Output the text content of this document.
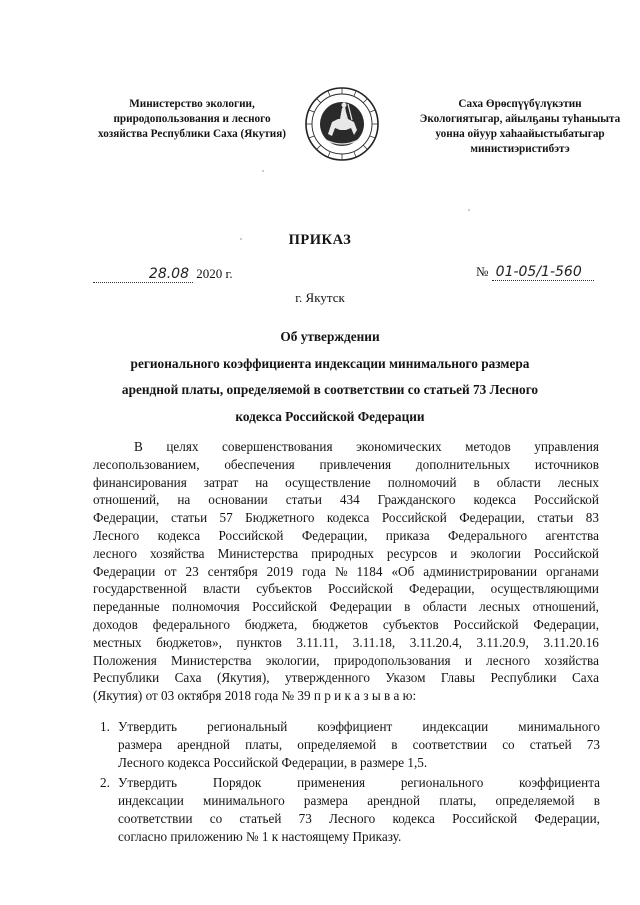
Министерство экологии,
природопользования и лесного
хозяйства Республики Саха (Якутия)
Саха Өрөспүүбүлүкэтин
Экологиятыгар, айылҕаны туһаныыта
уонна ойуур хаһаайыстыбатыгар
министиэристибэтэ
ПРИКАЗ
28.08 2020 г.	№ 01-05/1-560
г. Якутск
Об утверждении
регионального коэффициента индексации минимального размера
арендной платы, определяемой в соответствии со статьей 73 Лесного
кодекса Российской Федерации
В целях совершенствования экономических методов управления
лесопользованием, обеспечения привлечения дополнительных источников
финансирования затрат на осуществление полномочий в области лесных
отношений, на основании статьи 434 Гражданского кодекса Российской
Федерации, статьи 57 Бюджетного кодекса Российской Федерации, статьи 83
Лесного кодекса Российской Федерации, приказа Федерального агентства
лесного хозяйства Министерства природных ресурсов и экологии Российской
Федерации от 23 сентября 2019 года № 1184 «Об администрировании органами
государственной власти субъектов Российской Федерации, осуществляющими
переданные полномочия Российской Федерации в области лесных отношений,
доходов федерального бюджета, бюджетов субъектов Российской Федерации,
местных бюджетов», пунктов 3.11.11, 3.11.18, 3.11.20.4, 3.11.20.9, 3.11.20.16
Положения Министерства экологии, природопользования и лесного хозяйства
Республики Саха (Якутия), утвержденного Указом Главы Республики Саха
(Якутия) от 03 октября 2018 года № 39 п р и к а з ы в а ю:
1. Утвердить региональный коэффициент индексации минимального
размера арендной платы, определяемой в соответствии со статьей 73
Лесного кодекса Российской Федерации, в размере 1,5.
2. Утвердить	Порядок	применения	регионального	коэффициента
индексации минимального размера арендной платы, определяемой в
соответствии со статьей 73 Лесного кодекса Российской Федерации,
согласно приложению № 1 к настоящему Приказу.
